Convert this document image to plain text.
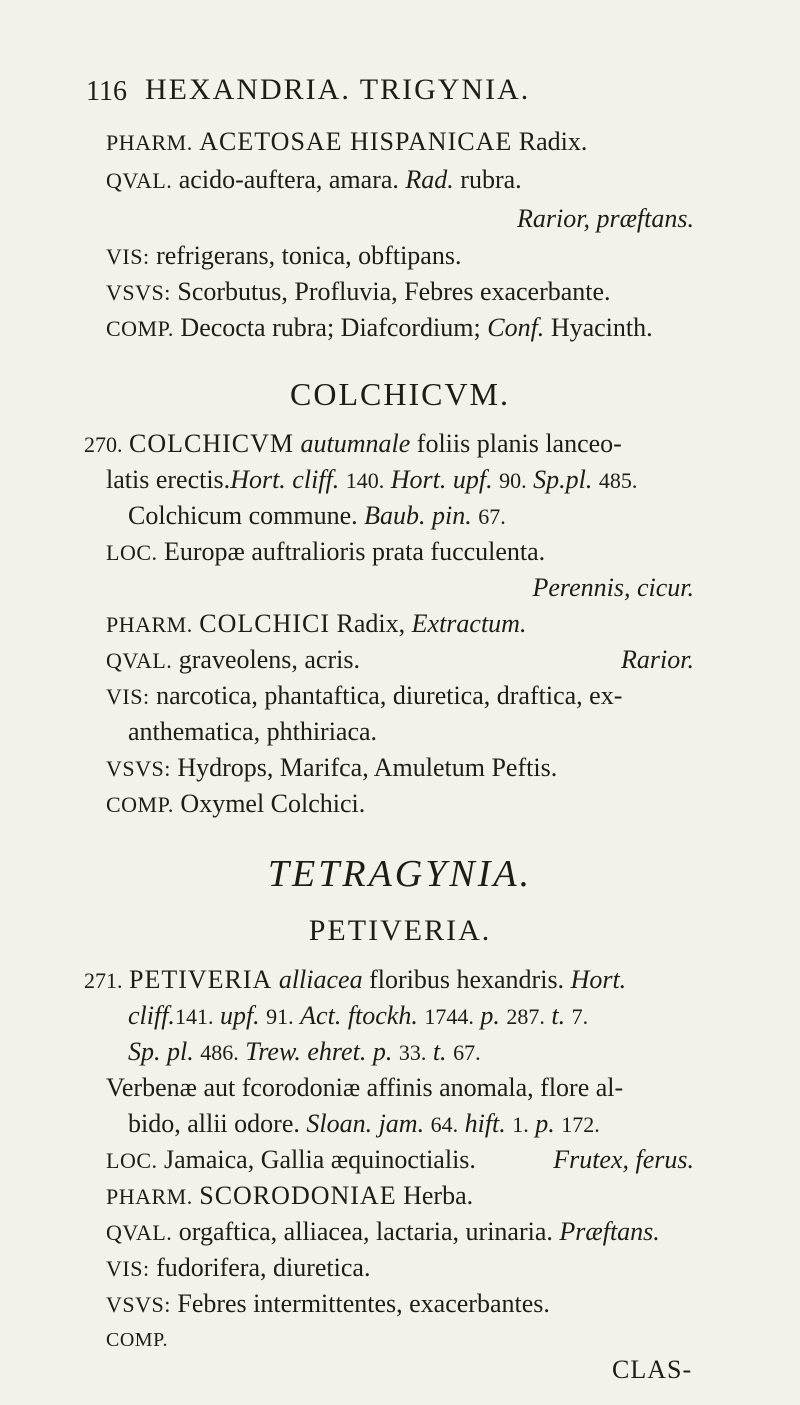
116 HEXANDRIA. TRIGYNIA.
PHARM. ACETOSAE HISPANICAE Radix.
QVAL. acido-auftera, amara. Rad. rubra.
Rarior, præftans.
VIS: refrigerans, tonica, obftipans.
VSVS: Scorbutus, Profluvia, Febres exacerbante.
COMP. Decocta rubra; Diafcordium; Conf. Hyacinth.
COLCHICVM.
270. COLCHICVM autumnale foliis planis lanceo-
latis erectis.Hort. cliff. 140. Hort. upf. 90. Sp.pl. 485.
Colchicum commune. Baub. pin. 67.
LOC. Europæ auftralioris prata fucculenta.
Perennis, cicur.
PHARM. COLCHICI Radix, Extractum.
QVAL. graveolens, acris.	Rarior.
VIS: narcotica, phantaftica, diuretica, draftica, ex-
anthematica, phthiriaca.
VSVS: Hydrops, Marifca, Amuletum Peftis.
COMP. Oxymel Colchici.
TETRAGYNIA.
PETIVERIA.
271. PETIVERIA alliacea floribus hexandris. Hort.
cliff.141. upf. 91. Act. ftockh. 1744. p. 287. t. 7.
Sp. pl. 486. Trew. ehret. p. 33. t. 67.
Verbenæ aut fcorodoniæ affinis anomala, flore al-
bido, allii odore. Sloan. jam. 64. hift. 1. p. 172.
LOC. Jamaica, Gallia æquinoctialis.	Frutex, ferus.
PHARM. SCORODONIAE Herba.
QVAL. orgaftica, alliacea, lactaria, urinaria. Præftans.
VIS: fudorifera, diuretica.
VSVS: Febres intermittentes, exacerbantes.
COMP.
CLAS-
